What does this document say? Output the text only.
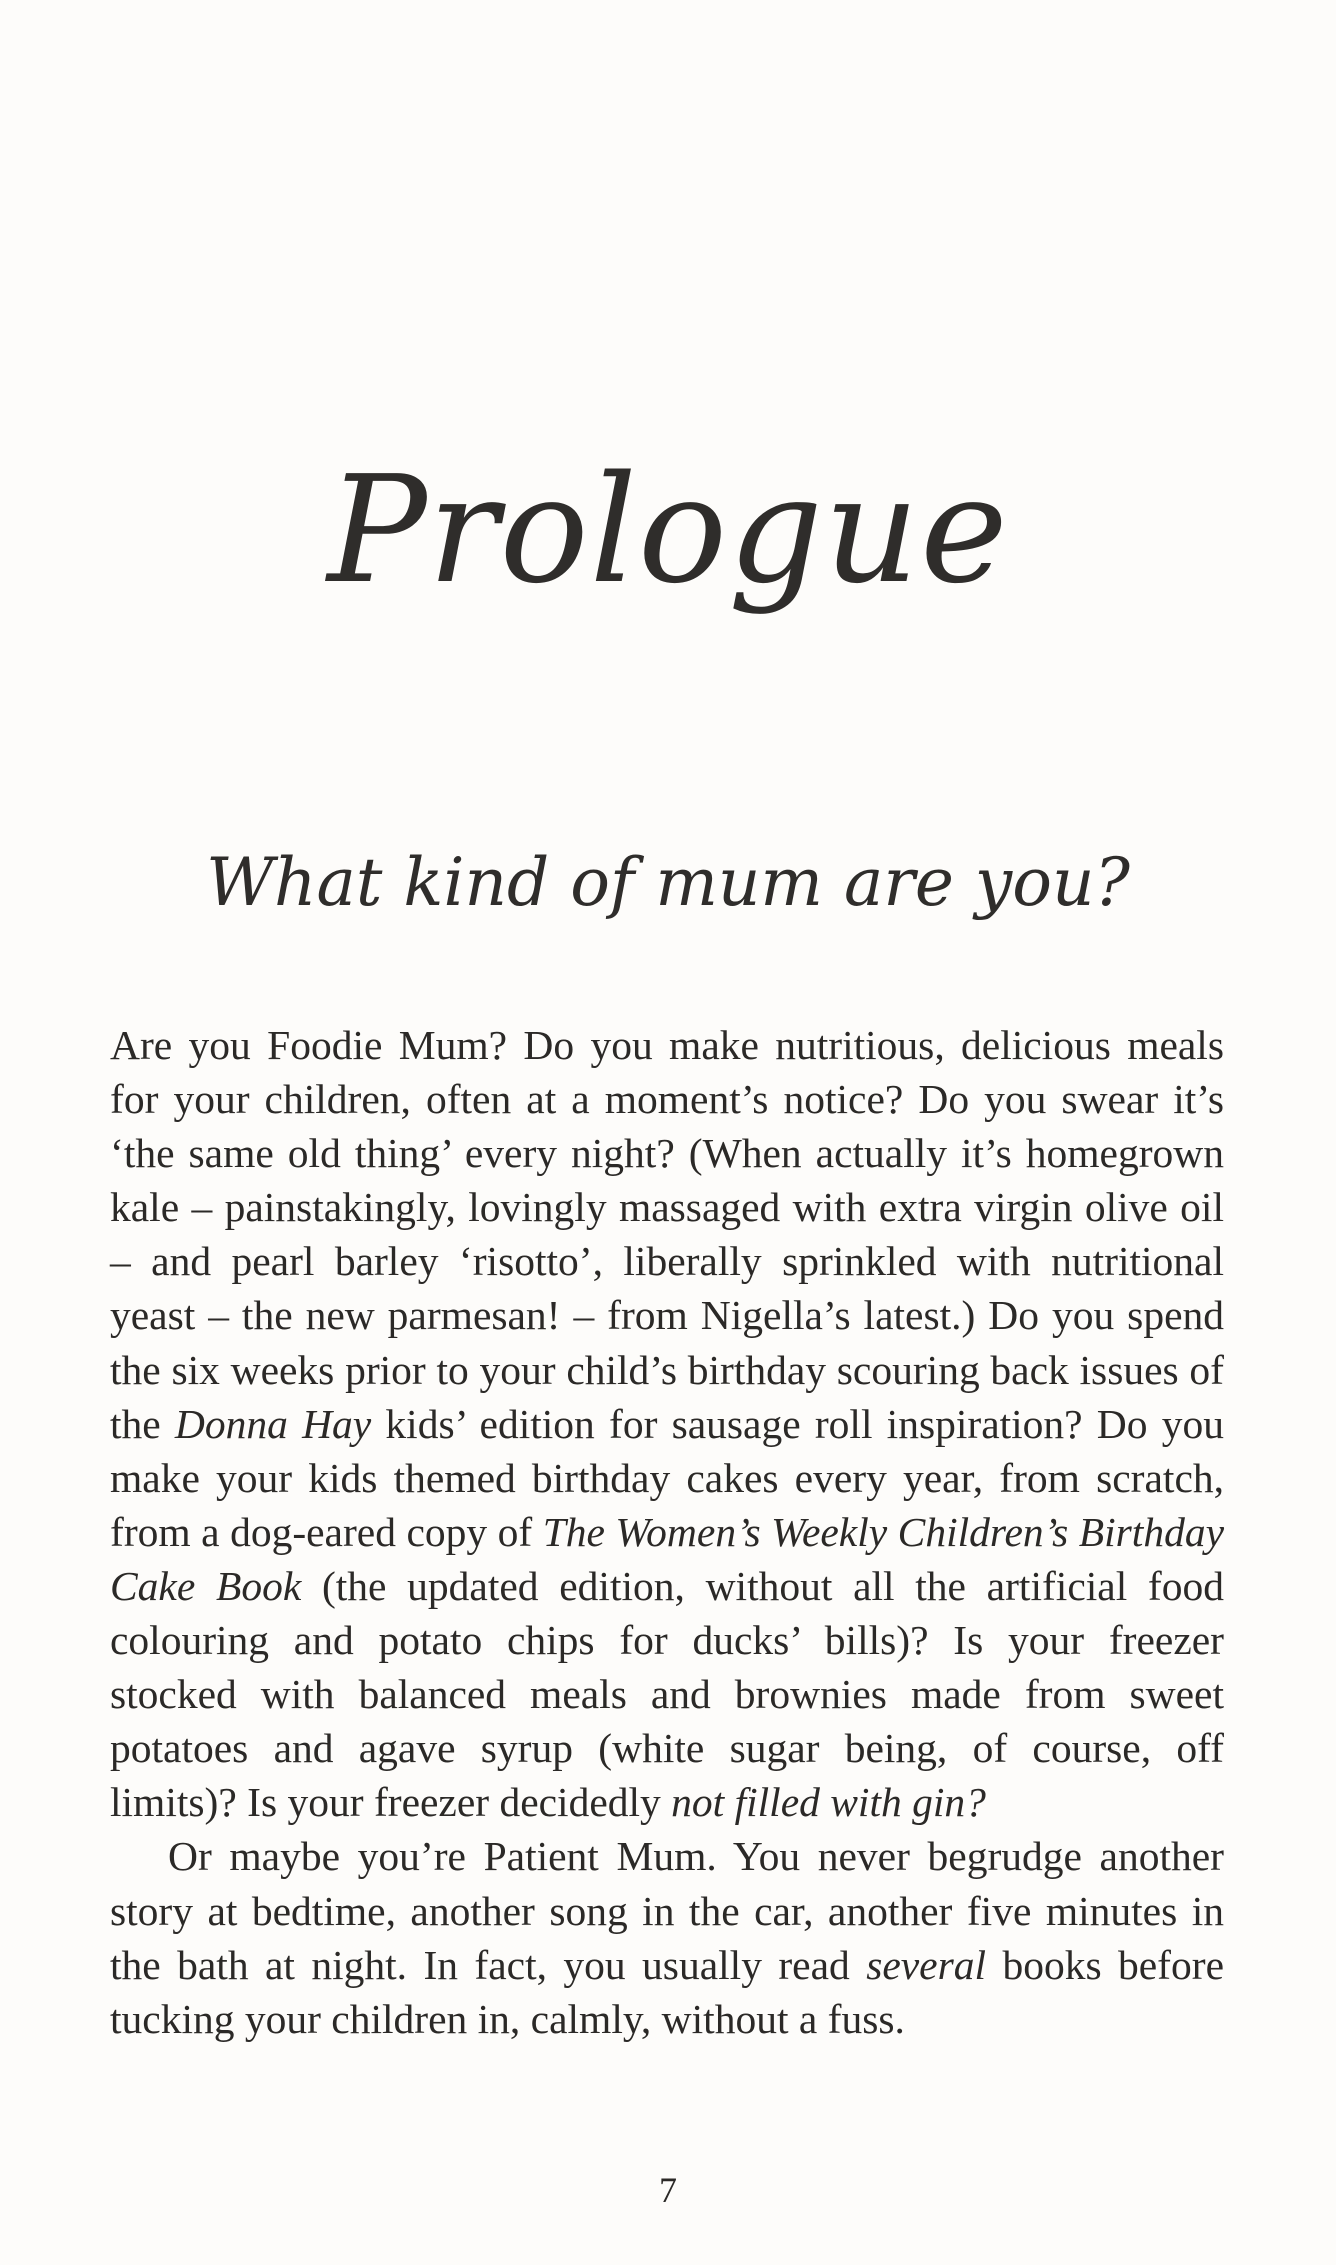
Prologue
What kind of mum are you?

Are you Foodie Mum? Do you make nutritious, delicious meals for your children, often at a moment’s notice? Do you swear it’s ‘the same old thing’ every night? (When actually it’s homegrown kale – painstakingly, lovingly massaged with extra virgin olive oil – and pearl barley ‘risotto’, liberally sprinkled with nutritional yeast – the new parmesan! – from Nigella’s latest.) Do you spend the six weeks prior to your child’s birthday scouring back issues of the Donna Hay kids’ edition for sausage roll inspiration? Do you make your kids themed birthday cakes every year, from scratch, from a dog-eared copy of The Women’s Weekly Children’s Birthday Cake Book (the updated edition, without all the artificial food colouring and potato chips for ducks’ bills)? Is your freezer stocked with balanced meals and brownies made from sweet potatoes and agave syrup (white sugar being, of course, off limits)? Is your freezer decidedly not filled with gin?

Or maybe you’re Patient Mum. You never begrudge another story at bedtime, another song in the car, another five minutes in the bath at night. In fact, you usually read several books before tucking your children in, calmly, without a fuss.

7
